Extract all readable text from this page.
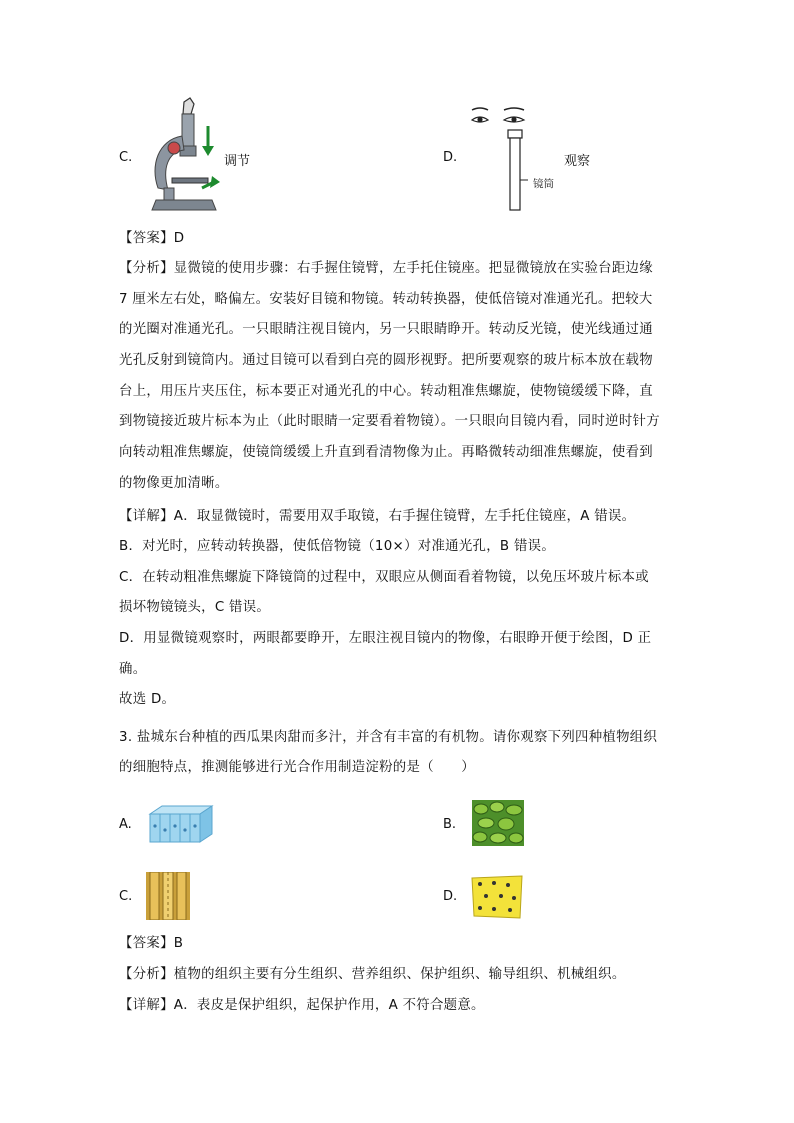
C.	调节	D.	观察
镜筒
【答案】D
【分析】显微镜的使用步骤：右手握住镜臂，左手托住镜座。把显微镜放在实验台距边缘
7 厘米左右处，略偏左。安装好目镜和物镜。转动转换器，使低倍镜对准通光孔。把较大
的光圈对准通光孔。一只眼睛注视目镜内，另一只眼睛睁开。转动反光镜，使光线通过通
光孔反射到镜筒内。通过目镜可以看到白亮的圆形视野。把所要观察的玻片标本放在载物
台上，用压片夹压住，标本要正对通光孔的中心。转动粗准焦螺旋，使物镜缓缓下降，直
到物镜接近玻片标本为止（此时眼睛一定要看着物镜）。一只眼向目镜内看，同时逆时针方
向转动粗准焦螺旋，使镜筒缓缓上升直到看清物像为止。再略微转动细准焦螺旋，使看到
的物像更加清晰。
【详解】A．取显微镜时，需要用双手取镜，右手握住镜臂，左手托住镜座，A 错误。
B．对光时，应转动转换器，使低倍物镜（10×）对准通光孔，B 错误。
C．在转动粗准焦螺旋下降镜筒的过程中，双眼应从侧面看着物镜，以免压坏玻片标本或
损坏物镜镜头，C 错误。
D．用显微镜观察时，两眼都要睁开，左眼注视目镜内的物像，右眼睁开便于绘图，D 正
确。
故选 D。
3. 盐城东台种植的西瓜果肉甜而多汁，并含有丰富的有机物。请你观察下列四种植物组织
的细胞特点，推测能够进行光合作用制造淀粉的是（　　）
A.	B.
C.	D.
【答案】B
【分析】植物的组织主要有分生组织、营养组织、保护组织、输导组织、机械组织。
【详解】A．表皮是保护组织，起保护作用，A 不符合题意。
